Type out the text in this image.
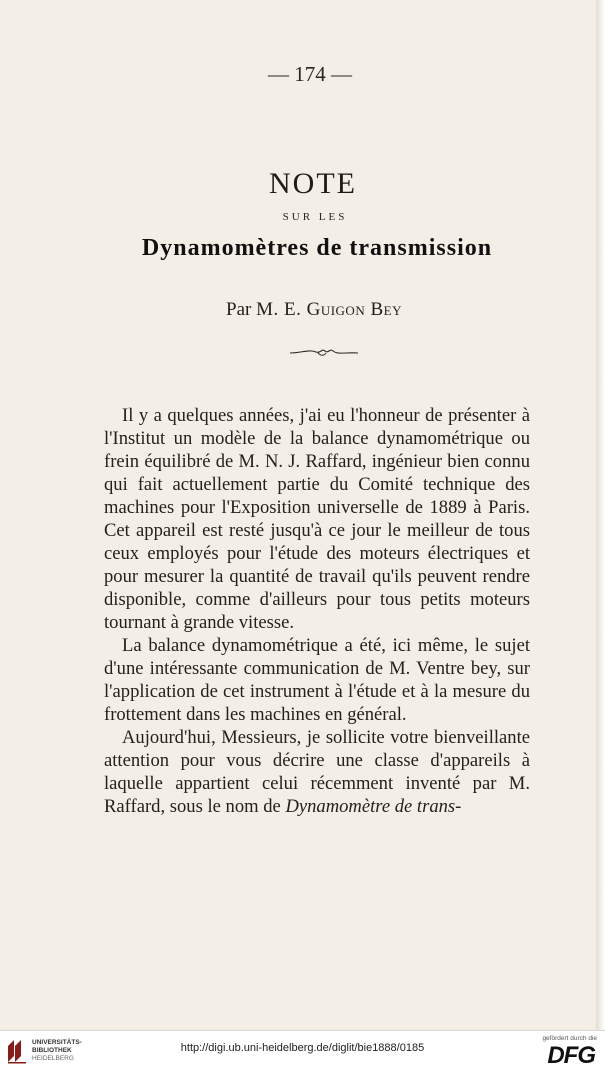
— 174 —
NOTE
SUR LES
Dynamomètres de transmission
Par M. E. Guigon Bey

Il y a quelques années, j'ai eu l'honneur de présenter à l'Institut un modèle de la balance dynamométrique ou frein équilibré de M. N. J. Raffard, ingénieur bien connu qui fait actuellement partie du Comité technique des machines pour l'Exposition universelle de 1889 à Paris. Cet appareil est resté jusqu'à ce jour le meilleur de tous ceux employés pour l'étude des moteurs électriques et pour mesurer la quantité de travail qu'ils peuvent rendre disponible, comme d'ailleurs pour tous petits moteurs tournant à grande vitesse.

La balance dynamométrique a été, ici même, le sujet d'une intéressante communication de M. Ventre bey, sur l'application de cet instrument à l'étude et à la mesure du frottement dans les machines en général.

Aujourd'hui, Messieurs, je sollicite votre bienveillante attention pour vous décrire une classe d'appareils à laquelle appartient celui récemment inventé par M. Raffard, sous le nom de Dynamomètre de trans-

UNIVERSITÄTS-
BIBLIOTHEK
HEIDELBERG
http://digi.ub.uni-heidelberg.de/diglit/bie1888/0185
gefördert durch die
DFG
